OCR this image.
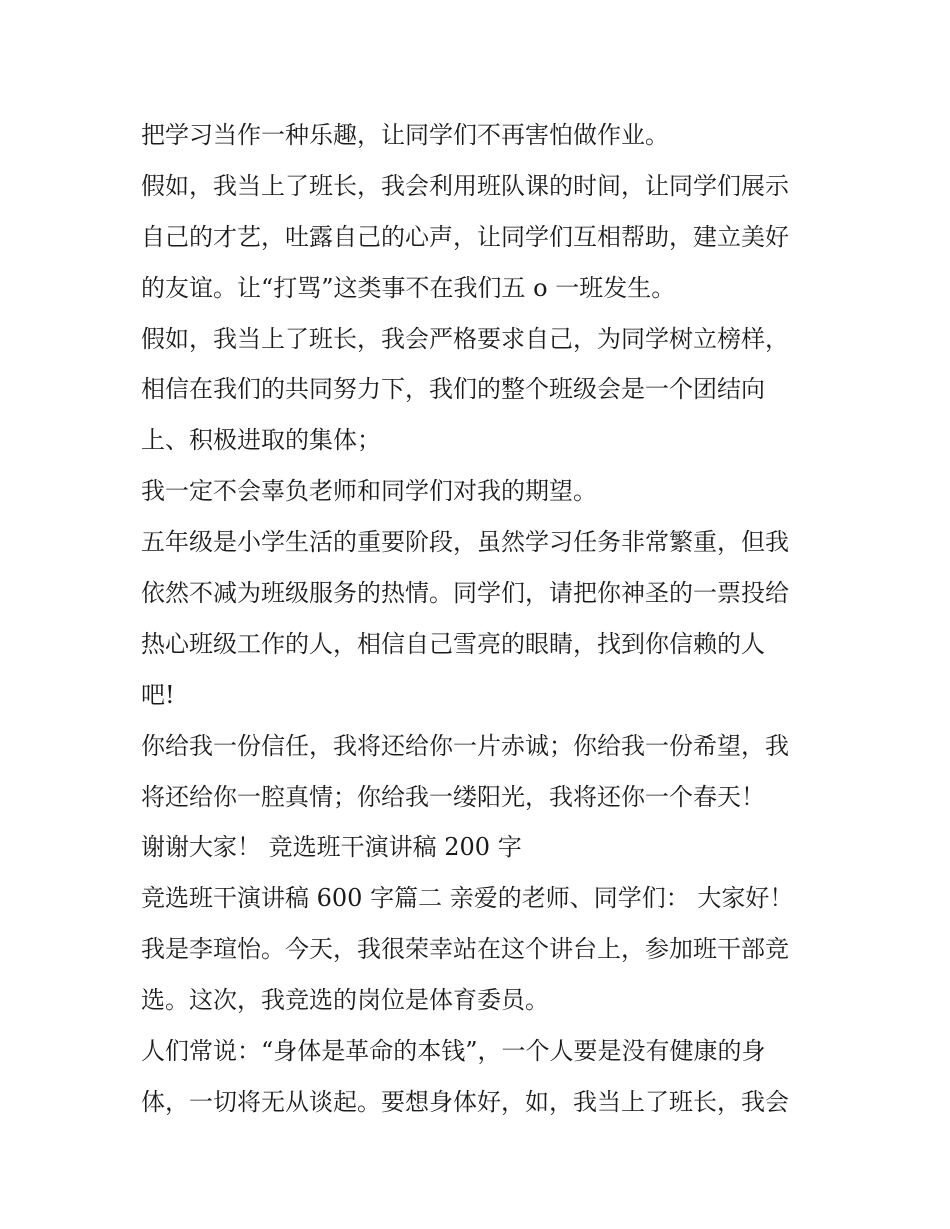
把学习当作一种乐趣，让同学们不再害怕做作业。
假如，我当上了班长，我会利用班队课的时间，让同学们展示
自己的才艺，吐露自己的心声，让同学们互相帮助，建立美好
的友谊。让“打骂”这类事不在我们五 o 一班发生。
假如，我当上了班长，我会严格要求自己，为同学树立榜样，
相信在我们的共同努力下，我们的整个班级会是一个团结向
上、积极进取的集体；
我一定不会辜负老师和同学们对我的期望。
五年级是小学生活的重要阶段，虽然学习任务非常繁重，但我
依然不减为班级服务的热情。同学们，请把你神圣的一票投给
热心班级工作的人，相信自己雪亮的眼睛，找到你信赖的人
吧!
你给我一份信任，我将还给你一片赤诚；你给我一份希望，我
将还给你一腔真情；你给我一缕阳光，我将还你一个春天！
谢谢大家！ 竞选班干演讲稿 200 字
竞选班干演讲稿 600 字篇二 亲爱的老师、同学们： 大家好！
我是李瑄怡。今天，我很荣幸站在这个讲台上，参加班干部竞
选。这次，我竞选的岗位是体育委员。
人们常说：“身体是革命的本钱”，一个人要是没有健康的身
体，一切将无从谈起。要想身体好，如，我当上了班长，我会
